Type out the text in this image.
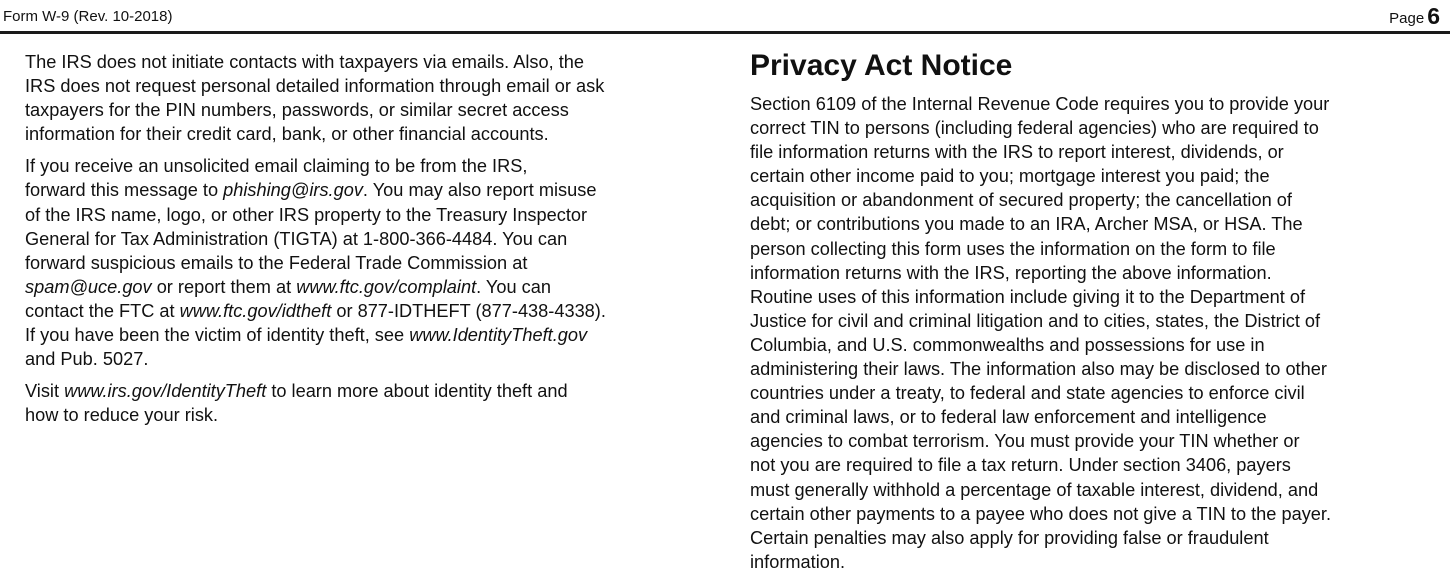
Form W-9 (Rev. 10-2018)	Page 6

The IRS does not initiate contacts with taxpayers via emails. Also, the
IRS does not request personal detailed information through email or ask
taxpayers for the PIN numbers, passwords, or similar secret access
information for their credit card, bank, or other financial accounts.

If you receive an unsolicited email claiming to be from the IRS,
forward this message to phishing@irs.gov. You may also report misuse
of the IRS name, logo, or other IRS property to the Treasury Inspector
General for Tax Administration (TIGTA) at 1-800-366-4484. You can
forward suspicious emails to the Federal Trade Commission at
spam@uce.gov or report them at www.ftc.gov/complaint. You can
contact the FTC at www.ftc.gov/idtheft or 877-IDTHEFT (877-438-4338).
If you have been the victim of identity theft, see www.IdentityTheft.gov
and Pub. 5027.

Visit www.irs.gov/IdentityTheft to learn more about identity theft and
how to reduce your risk.

Privacy Act Notice

Section 6109 of the Internal Revenue Code requires you to provide your
correct TIN to persons (including federal agencies) who are required to
file information returns with the IRS to report interest, dividends, or
certain other income paid to you; mortgage interest you paid; the
acquisition or abandonment of secured property; the cancellation of
debt; or contributions you made to an IRA, Archer MSA, or HSA. The
person collecting this form uses the information on the form to file
information returns with the IRS, reporting the above information.
Routine uses of this information include giving it to the Department of
Justice for civil and criminal litigation and to cities, states, the District of
Columbia, and U.S. commonwealths and possessions for use in
administering their laws. The information also may be disclosed to other
countries under a treaty, to federal and state agencies to enforce civil
and criminal laws, or to federal law enforcement and intelligence
agencies to combat terrorism. You must provide your TIN whether or
not you are required to file a tax return. Under section 3406, payers
must generally withhold a percentage of taxable interest, dividend, and
certain other payments to a payee who does not give a TIN to the payer.
Certain penalties may also apply for providing false or fraudulent
information.
